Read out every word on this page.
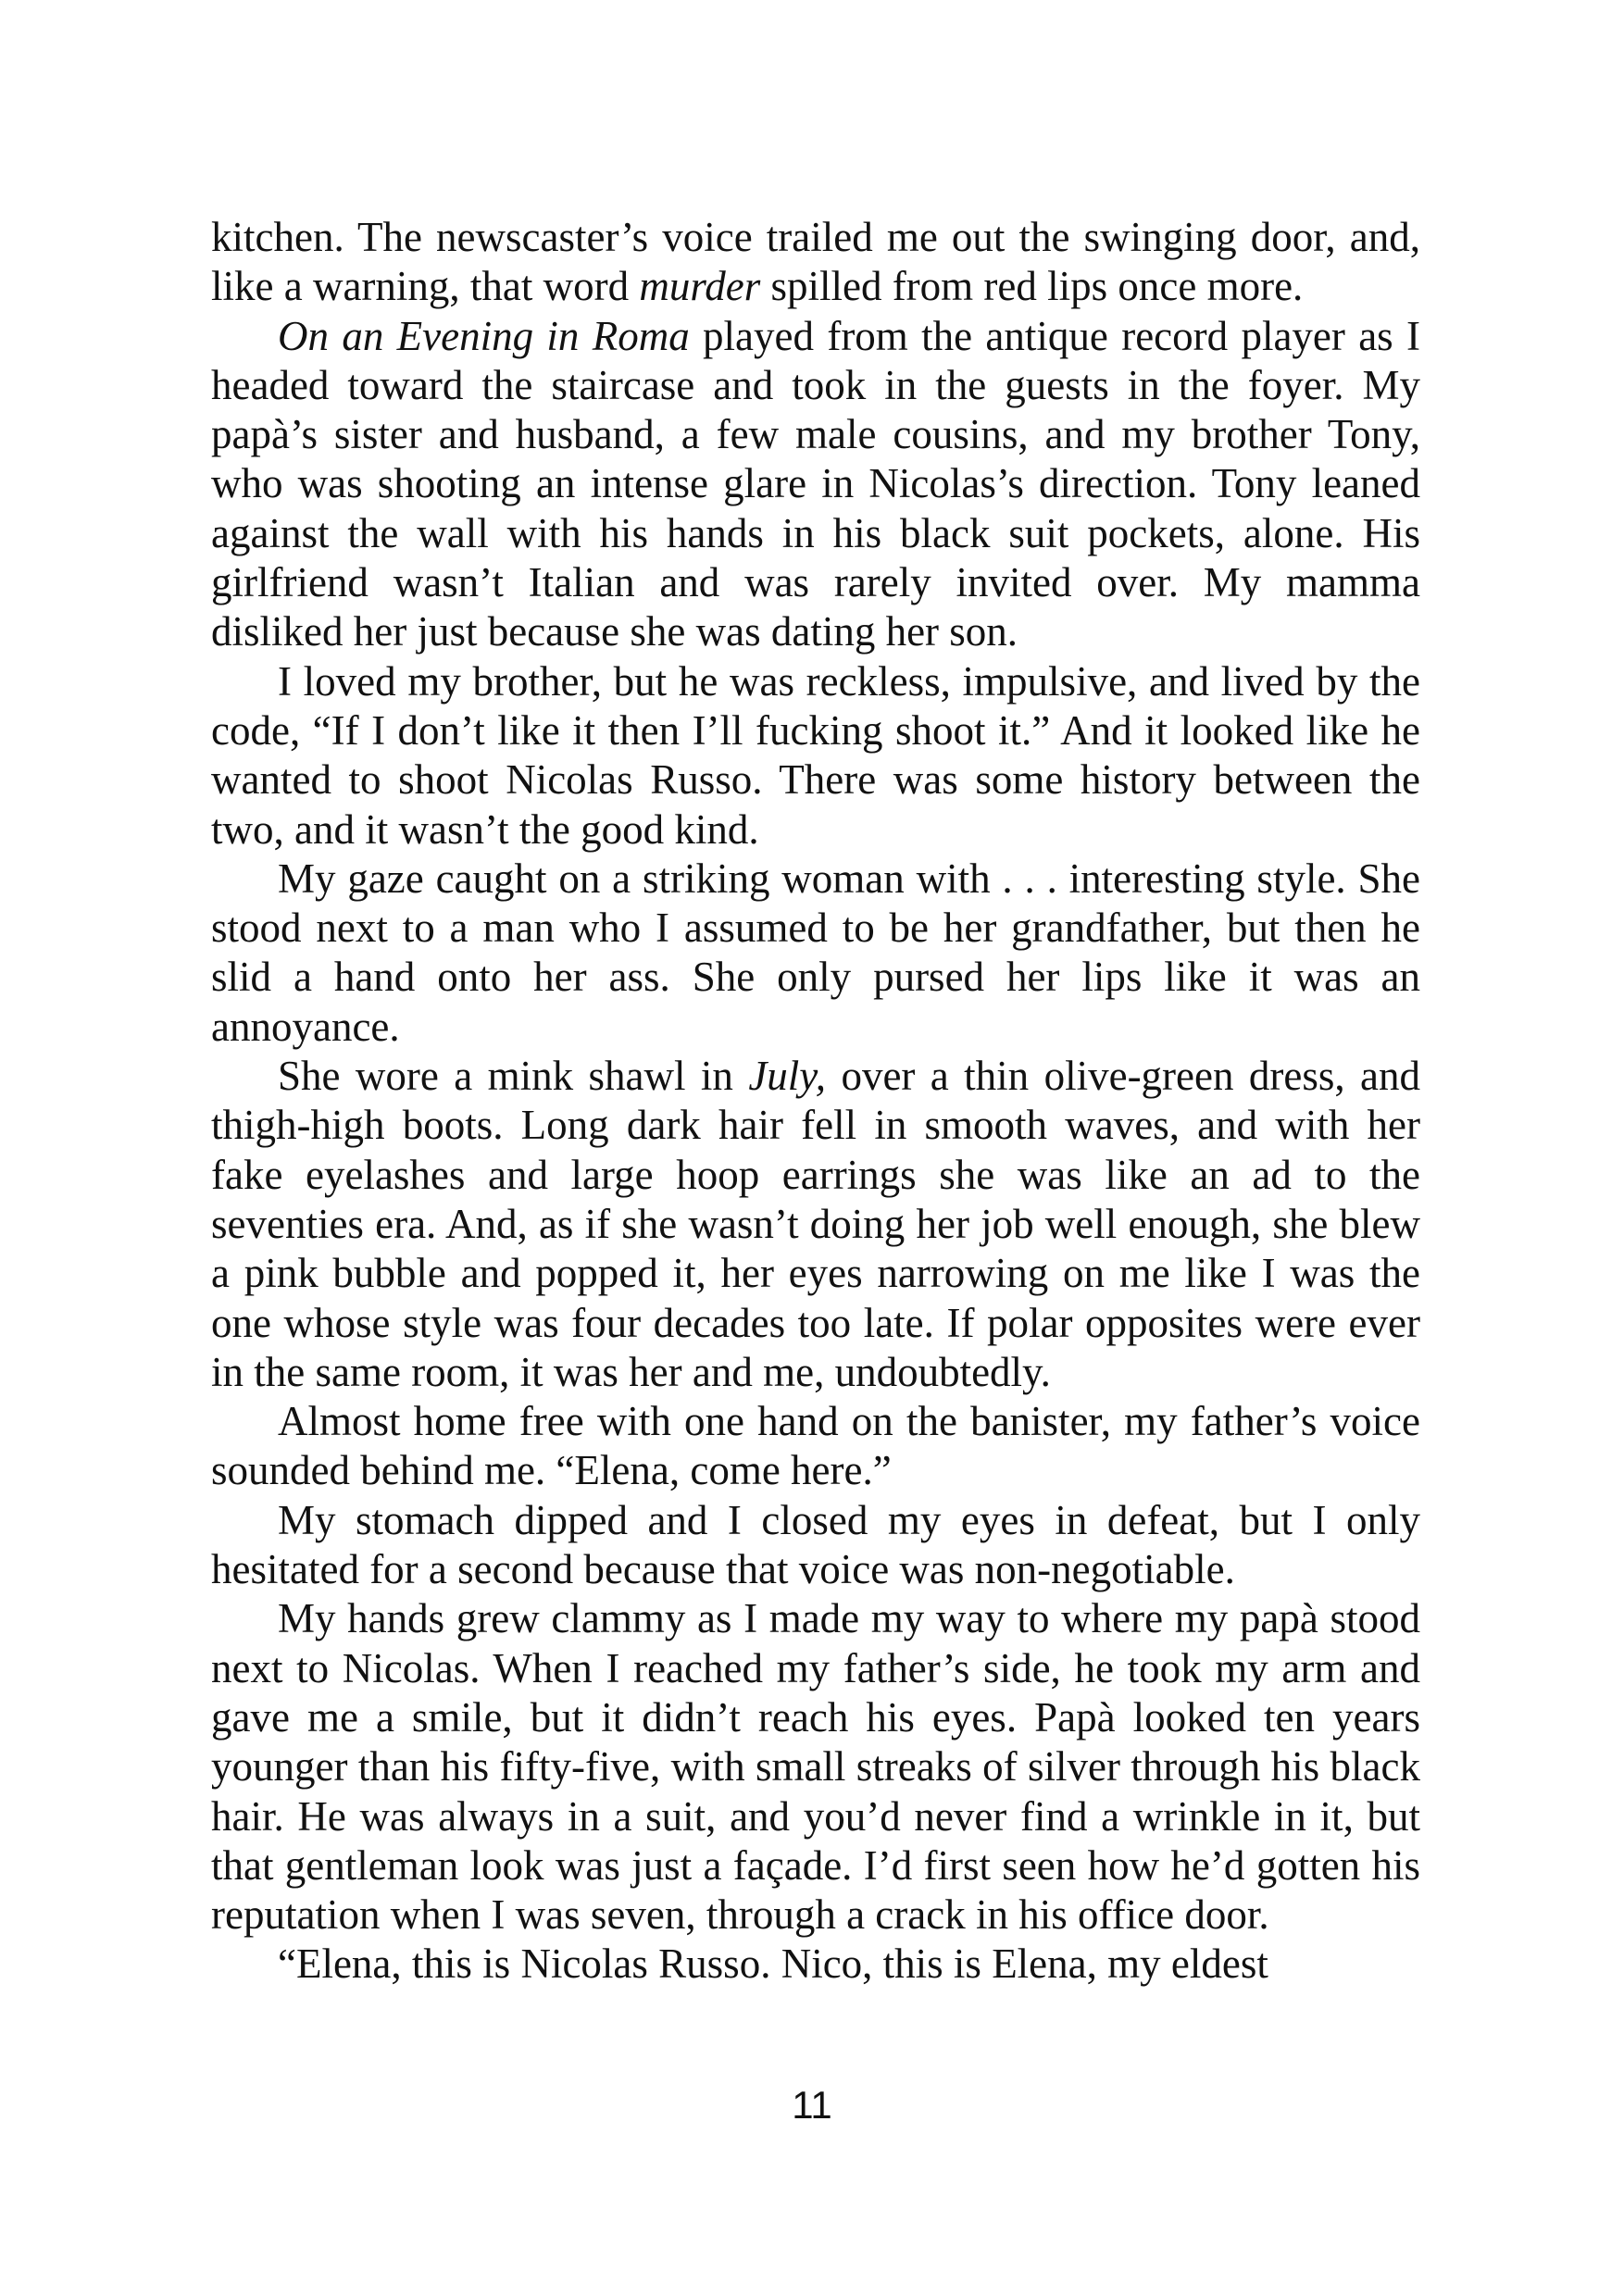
kitchen. The newscaster’s voice trailed me out the swinging door, and, like a warning, that word murder spilled from red lips once more.

On an Evening in Roma played from the antique record player as I headed toward the staircase and took in the guests in the foyer. My papà’s sister and husband, a few male cousins, and my brother Tony, who was shooting an intense glare in Nicolas’s direction. Tony leaned against the wall with his hands in his black suit pockets, alone. His girlfriend wasn’t Italian and was rarely invited over. My mamma disliked her just because she was dating her son.

I loved my brother, but he was reckless, impulsive, and lived by the code, “If I don’t like it then I’ll fucking shoot it.” And it looked like he wanted to shoot Nicolas Russo. There was some history between the two, and it wasn’t the good kind.

My gaze caught on a striking woman with . . . interesting style. She stood next to a man who I assumed to be her grandfather, but then he slid a hand onto her ass. She only pursed her lips like it was an annoyance.

She wore a mink shawl in July, over a thin olive-green dress, and thigh-high boots. Long dark hair fell in smooth waves, and with her fake eyelashes and large hoop earrings she was like an ad to the seventies era. And, as if she wasn’t doing her job well enough, she blew a pink bubble and popped it, her eyes narrowing on me like I was the one whose style was four decades too late. If polar opposites were ever in the same room, it was her and me, undoubtedly.

Almost home free with one hand on the banister, my father’s voice sounded behind me. “Elena, come here.”

My stomach dipped and I closed my eyes in defeat, but I only hesitated for a second because that voice was non-negotiable.

My hands grew clammy as I made my way to where my papà stood next to Nicolas. When I reached my father’s side, he took my arm and gave me a smile, but it didn’t reach his eyes. Papà looked ten years younger than his fifty-five, with small streaks of silver through his black hair. He was always in a suit, and you’d never find a wrinkle in it, but that gentleman look was just a façade. I’d first seen how he’d gotten his reputation when I was seven, through a crack in his office door.

“Elena, this is Nicolas Russo. Nico, this is Elena, my eldest

11
